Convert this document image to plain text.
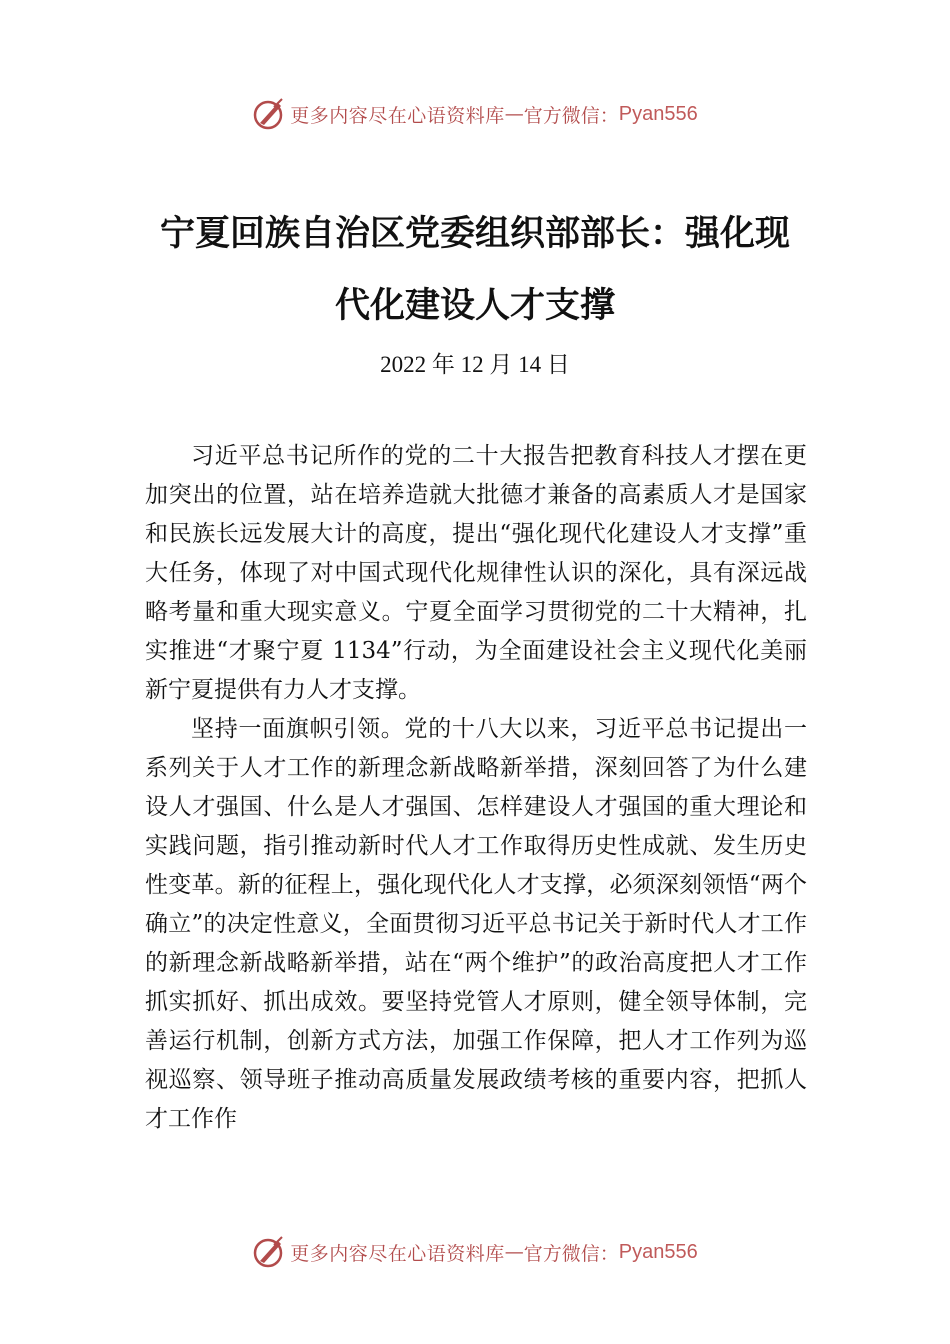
更多内容尽在心语资料库 — 官方微信： Pyan556
宁夏回族自治区党委组织部部长：强化现
代化建设人才支撑
2022 年 12 月 14 日

习近平总书记所作的党的二十大报告把教育科技人才摆在更加突出的位置，站在培养造就大批德才兼备的高素质人才是国家和民族长远发展大计的高度，提出“强化现代化建设人才支撑”重大任务，体现了对中国式现代化规律性认识的深化，具有深远战略考量和重大现实意义。宁夏全面学习贯彻党的二十大精神，扎实推进“才聚宁夏 1134”行动，为全面建设社会主义现代化美丽新宁夏提供有力人才支撑。

坚持一面旗帜引领。党的十八大以来，习近平总书记提出一系列关于人才工作的新理念新战略新举措，深刻回答了为什么建设人才强国、什么是人才强国、怎样建设人才强国的重大理论和实践问题，指引推动新时代人才工作取得历史性成就、发生历史性变革。新的征程上，强化现代化人才支撑，必须深刻领悟“两个确立”的决定性意义，全面贯彻习近平总书记关于新时代人才工作的新理念新战略新举措，站在“两个维护”的政治高度把人才工作抓实抓好、抓出成效。要坚持党管人才原则，健全领导体制，完善运行机制，创新方式方法，加强工作保障，把人才工作列为巡视巡察、领导班子推动高质量发展政绩考核的重要内容，把抓人才工作作

更多内容尽在心语资料库 — 官方微信： Pyan556
